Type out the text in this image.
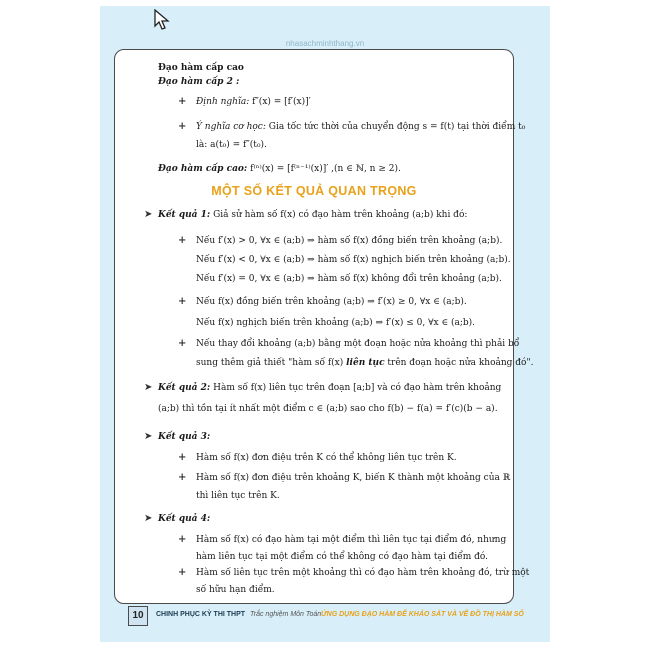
nhasachminhthang.vn
Đạo hàm cấp cao
Đạo hàm cấp 2 :
+ Định nghĩa: f″(x) = [f′(x)]′
+ Ý nghĩa cơ học: Gia tốc tức thời của chuyển động s = f(t) tại thời điểm t₀
là: a(t₀) = f″(t₀).
Đạo hàm cấp cao: f⁽ⁿ⁾(x) = [f⁽ⁿ⁻¹⁾(x)]′ ,(n ∈ ℕ, n ≥ 2).
MỘT SỐ KẾT QUẢ QUAN TRỌNG
➤ Kết quả 1: Giả sử hàm số f(x) có đạo hàm trên khoảng (a;b) khi đó:
+ Nếu f′(x) > 0, ∀x ∈ (a;b) ⇒ hàm số f(x) đồng biến trên khoảng (a;b).
Nếu f′(x) < 0, ∀x ∈ (a;b) ⇒ hàm số f(x) nghịch biến trên khoảng (a;b).
Nếu f′(x) = 0, ∀x ∈ (a;b) ⇒ hàm số f(x) không đổi trên khoảng (a;b).
+ Nếu f(x) đồng biến trên khoảng (a;b) ⇒ f′(x) ≥ 0, ∀x ∈ (a;b).
Nếu f(x) nghịch biến trên khoảng (a;b) ⇒ f′(x) ≤ 0, ∀x ∈ (a;b).
+ Nếu thay đổi khoảng (a;b) bằng một đoạn hoặc nửa khoảng thì phải bổ
sung thêm giả thiết "hàm số f(x) liên tục trên đoạn hoặc nửa khoảng đó".
➤ Kết quả 2: Hàm số f(x) liên tục trên đoạn [a;b] và có đạo hàm trên khoảng
(a;b) thì tồn tại ít nhất một điểm c ∈ (a;b) sao cho f(b) − f(a) = f′(c)(b − a).
➤ Kết quả 3:
+ Hàm số f(x) đơn điệu trên K có thể không liên tục trên K.
+ Hàm số f(x) đơn điệu trên khoảng K, biến K thành một khoảng của ℝ
thì liên tục trên K.
➤ Kết quả 4:
+ Hàm số f(x) có đạo hàm tại một điểm thì liên tục tại điểm đó, nhưng
hàm liên tục tại một điểm có thể không có đạo hàm tại điểm đó.
+ Hàm số liên tục trên một khoảng thì có đạo hàm trên khoảng đó, trừ một
số hữu hạn điểm.
10	CHINH PHỤC KỲ THI THPT Trắc nghiệm Môn Toán ỨNG DỤNG ĐẠO HÀM ĐỂ KHẢO SÁT VÀ VẼ ĐỒ THỊ HÀM SỐ
